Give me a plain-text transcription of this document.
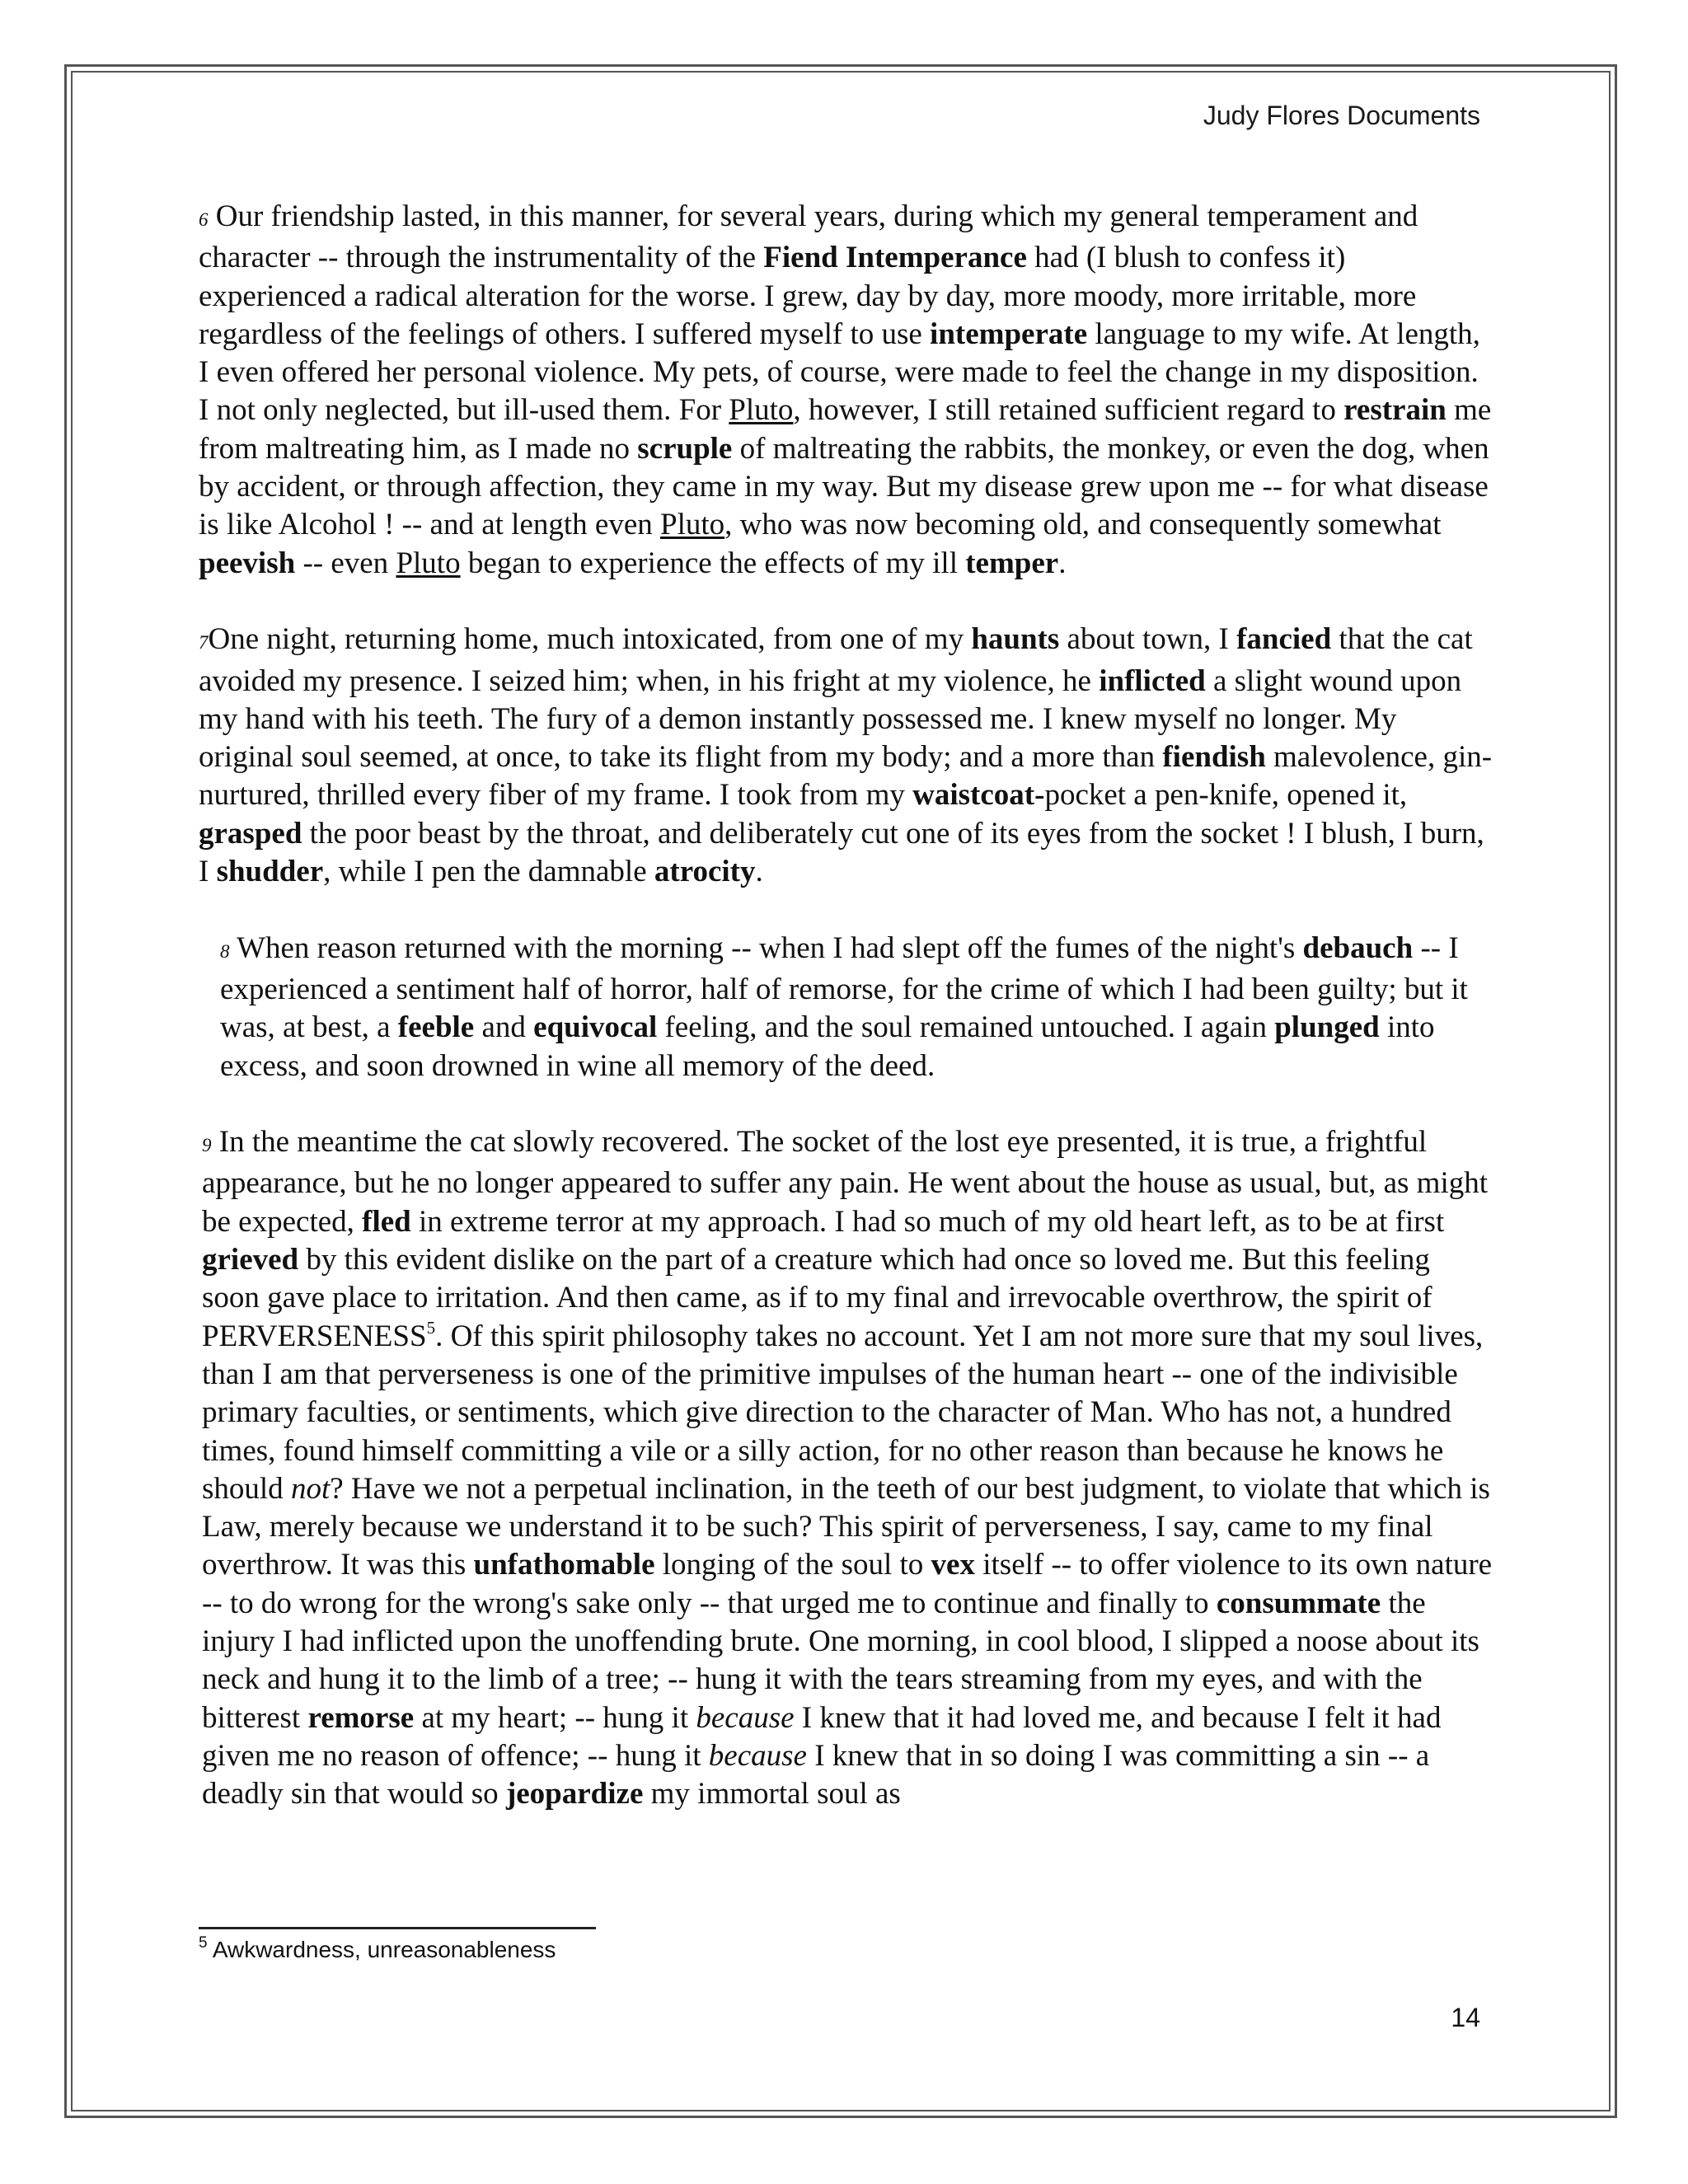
Judy Flores Documents

6 Our friendship lasted, in this manner, for several years, during which my general temperament and character -- through the instrumentality of the Fiend Intemperance had (I blush to confess it) experienced a radical alteration for the worse. I grew, day by day, more moody, more irritable, more regardless of the feelings of others. I suffered myself to use intemperate language to my wife. At length, I even offered her personal violence. My pets, of course, were made to feel the change in my disposition. I not only neglected, but ill-used them. For Pluto, however, I still retained sufficient regard to restrain me from maltreating him, as I made no scruple of maltreating the rabbits, the monkey, or even the dog, when by accident, or through affection, they came in my way. But my disease grew upon me -- for what disease is like Alcohol ! -- and at length even Pluto, who was now becoming old, and consequently somewhat peevish -- even Pluto began to experience the effects of my ill temper.

7One night, returning home, much intoxicated, from one of my haunts about town, I fancied that the cat avoided my presence. I seized him; when, in his fright at my violence, he inflicted a slight wound upon my hand with his teeth. The fury of a demon instantly possessed me. I knew myself no longer. My original soul seemed, at once, to take its flight from my body; and a more than fiendish malevolence, gin-nurtured, thrilled every fiber of my frame. I took from my waistcoat-pocket a pen-knife, opened it, grasped the poor beast by the throat, and deliberately cut one of its eyes from the socket ! I blush, I burn, I shudder, while I pen the damnable atrocity.

8 When reason returned with the morning -- when I had slept off the fumes of the night's debauch -- I experienced a sentiment half of horror, half of remorse, for the crime of which I had been guilty; but it was, at best, a feeble and equivocal feeling, and the soul remained untouched. I again plunged into excess, and soon drowned in wine all memory of the deed.

9 In the meantime the cat slowly recovered. The socket of the lost eye presented, it is true, a frightful appearance, but he no longer appeared to suffer any pain. He went about the house as usual, but, as might be expected, fled in extreme terror at my approach. I had so much of my old heart left, as to be at first grieved by this evident dislike on the part of a creature which had once so loved me. But this feeling soon gave place to irritation. And then came, as if to my final and irrevocable overthrow, the spirit of PERVERSENESS$^5$. Of this spirit philosophy takes no account. Yet I am not more sure that my soul lives, than I am that perverseness is one of the primitive impulses of the human heart -- one of the indivisible primary faculties, or sentiments, which give direction to the character of Man. Who has not, a hundred times, found himself committing a vile or a silly action, for no other reason than because he knows he should not? Have we not a perpetual inclination, in the teeth of our best judgment, to violate that which is Law, merely because we understand it to be such? This spirit of perverseness, I say, came to my final overthrow. It was this unfathomable longing of the soul to vex itself -- to offer violence to its own nature -- to do wrong for the wrong's sake only -- that urged me to continue and finally to consummate the injury I had inflicted upon the unoffending brute. One morning, in cool blood, I slipped a noose about its neck and hung it to the limb of a tree; -- hung it with the tears streaming from my eyes, and with the bitterest remorse at my heart; -- hung it because I knew that it had loved me, and because I felt it had given me no reason of offence; -- hung it because I knew that in so doing I was committing a sin -- a deadly sin that would so jeopardize my immortal soul as

$^5$ Awkwardness, unreasonableness
14
